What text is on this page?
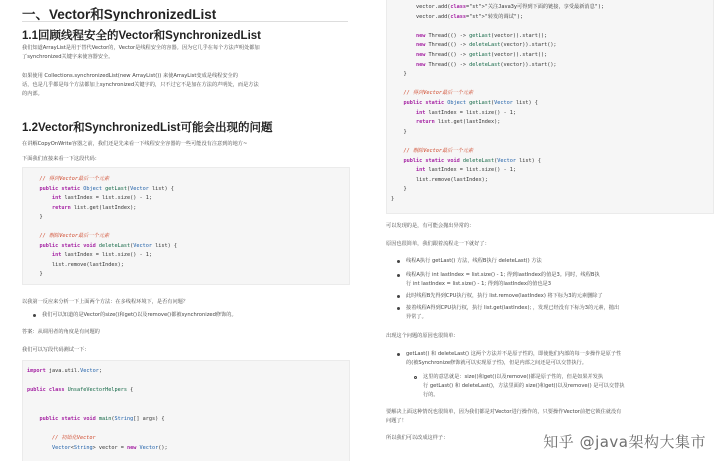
一、Vector和SynchronizedList
1.1回顾线程安全的Vector和SynchronizedList
我们知道ArrayList是用于替代Vector的，Vector是线程安全的容器。因为它几乎在每个方法声明处都加
了synchronized关键字来使容器安全。
如果使用 Collections.synchronizedList(new ArrayList()) 来使ArrayList变成是线程安全的
话，也是几乎都是每个方法都加上synchronized关键字的，只不过它不是加在方法的声明处，而是方法
的内部。
1.2Vector和SynchronizedList可能会出现的问题
在讲解CopyOnWrite容器之前，我们还是先来看一下线程安全容器的一些可能没有注意到的地方~
下面我们直接来看一下这段代码：
// 得到Vector最后一个元素
public static Object getLast(Vector list) {
int lastIndex = list.size() - 1;
return list.get(lastIndex);
}
// 删除Vector最后一个元素
public static void deleteLast(Vector list) {
int lastIndex = list.size() - 1;
list.remove(lastIndex);
}
以我第一反应来分析一下上面两个方法：在多线程环境下，是否有问题？
我们可以知道的是Vector的size()和get()以及remove()都被synchronized修饰的。
答案：从调用者的角度是有问题的
我们可以写段代码测试一下：
import java.util.Vector;
public class UnsafeVectorHelpers {
public static void main(String[] args) {
// 初始化Vector
Vector<String> vector = new Vector();
vector.add(class="st">"关注Java3y可得到下面的链接，享受最新消息");
vector.add(class="st">"转发的调试");
new Thread(() -> getLast(vector)).start();
new Thread(() -> deleteLast(vector)).start();
new Thread(() -> getLast(vector)).start();
new Thread(() -> deleteLast(vector)).start();
}
// 得到Vector最后一个元素
public static Object getLast(Vector list) {
int lastIndex = list.size() - 1;
return list.get(lastIndex);
}
// 删除Vector最后一个元素
public static void deleteLast(Vector list) {
int lastIndex = list.size() - 1;
list.remove(lastIndex);
}
}
可以发现的是，有可能会抛出异常的：
原因也很简单，我们跟着流程走一下就好了：
线程A执行 getLast() 方法，线程B执行 deleteLast() 方法
线程A执行 int lastIndex = list.size() - 1; 得到lastIndex的值是3。同时，线程B执
行 int lastIndex = list.size() - 1; 得到的lastIndex的值也是3
此时线程B先得到CPU执行权，执行 list.remove(lastIndex) 将下标为3的元素删除了
接着线程A得到CPU执行权，执行 list.get(lastIndex); ，发现已经没有下标为3的元素，抛出
异常了。
出现这个问题的原因也很简单：
getLast() 和 deleteLast() 这两个方法并不是原子性的，即使他们内部的每一步操作是原子性
的(被Synchronize修饰就可以实现原子性)，但是内部之间还是可以交替执行。
这里的意思就是：size()和get()以及remove()都是原子性的，但是如果并发执
行 getLast() 和 deleteLast()，方法里面的 size()和get()以及remove() 是可以交替执
行的。
要解决上面这种情况也很简单，因为我们都是对Vector进行操作的，只要操作Vector前把它锁住就没有
问题了！
所以我们可以改成这样子：	知乎 @java架构大集市
